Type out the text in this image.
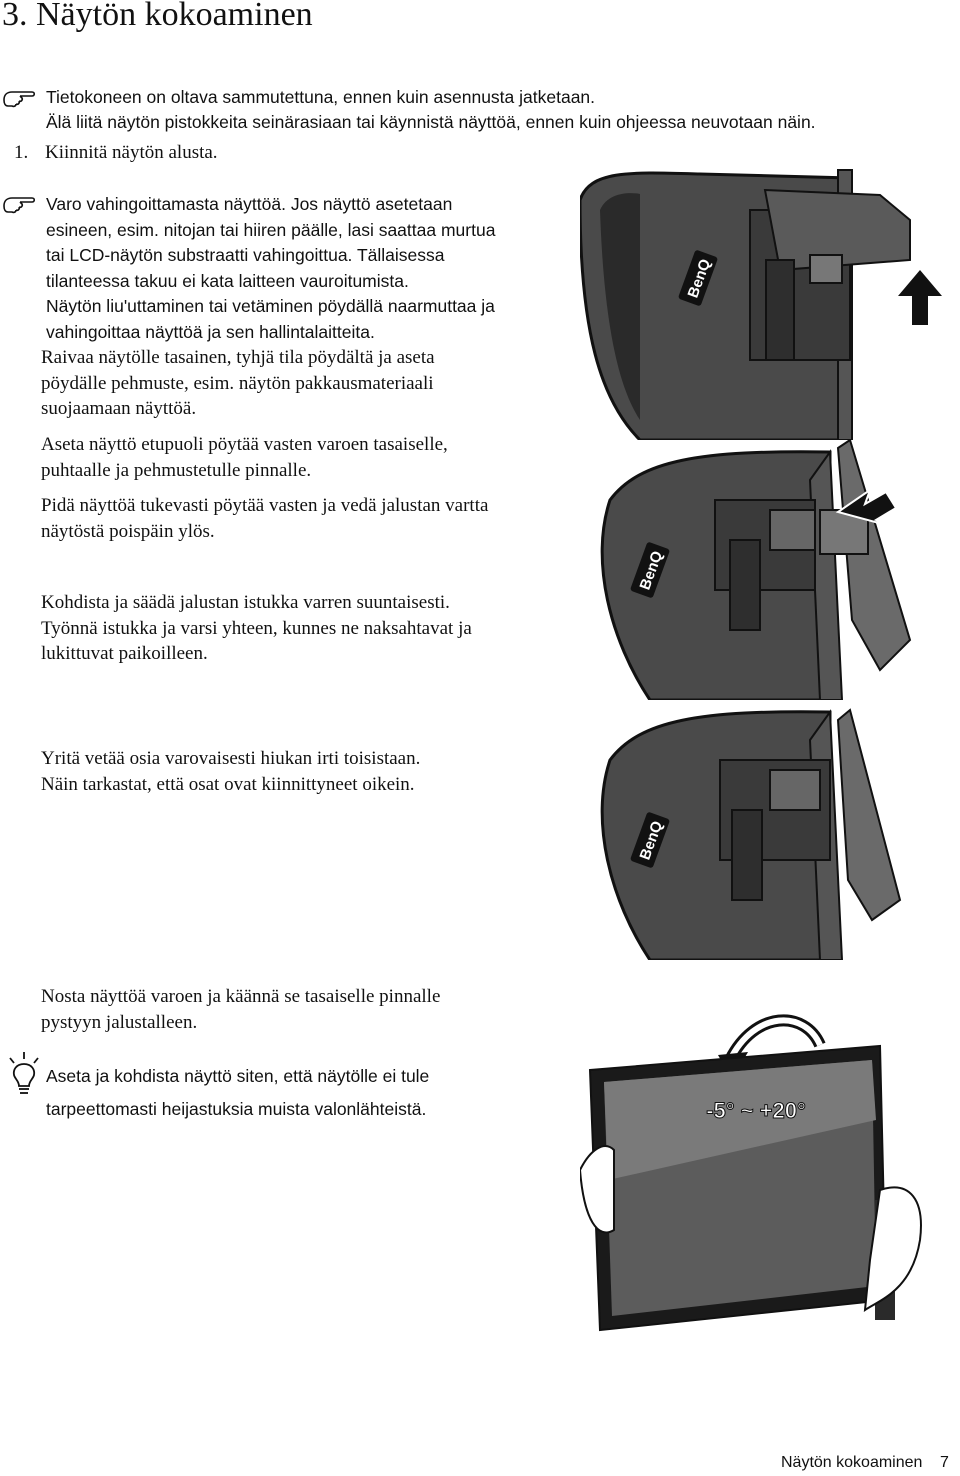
3. Näytön kokoaminen
Tietokoneen on oltava sammutettuna, ennen kuin asennusta jatketaan.
Älä liitä näytön pistokkeita seinärasiaan tai käynnistä näyttöä, ennen kuin ohjeessa neuvotaan näin.
1. Kiinnitä näytön alusta.
Varo vahingoittamasta näyttöä. Jos näyttö asetetaan
esineen, esim. nitojan tai hiiren päälle, lasi saattaa murtua
tai LCD-näytön substraatti vahingoittua. Tällaisessa
tilanteessa takuu ei kata laitteen vauroitumista.
Näytön liu'uttaminen tai vetäminen pöydällä naarmuttaa ja
vahingoittaa näyttöä ja sen hallintalaitteita.
Raivaa näytölle tasainen, tyhjä tila pöydältä ja aseta
pöydälle pehmuste, esim. näytön pakkausmateriaali
suojaamaan näyttöä.
Aseta näyttö etupuoli pöytää vasten varoen tasaiselle,
puhtaalle ja pehmustetulle pinnalle.
Pidä näyttöä tukevasti pöytää vasten ja vedä jalustan vartta
näytöstä poispäin ylös.
Kohdista ja säädä jalustan istukka varren suuntaisesti.
Työnnä istukka ja varsi yhteen, kunnes ne naksahtavat ja
lukittuvat paikoilleen.
Yritä vetää osia varovaisesti hiukan irti toisistaan.
Näin tarkastat, että osat ovat kiinnittyneet oikein.
Nosta näyttöä varoen ja käännä se tasaiselle pinnalle
pystyyn jalustalleen.
Aseta ja kohdista näyttö siten, että näytölle ei tule
tarpeettomasti heijastuksia muista valonlähteistä.
BenQ
BenQ
BenQ
-5° ~ +20°
Näytön kokoaminen 7
